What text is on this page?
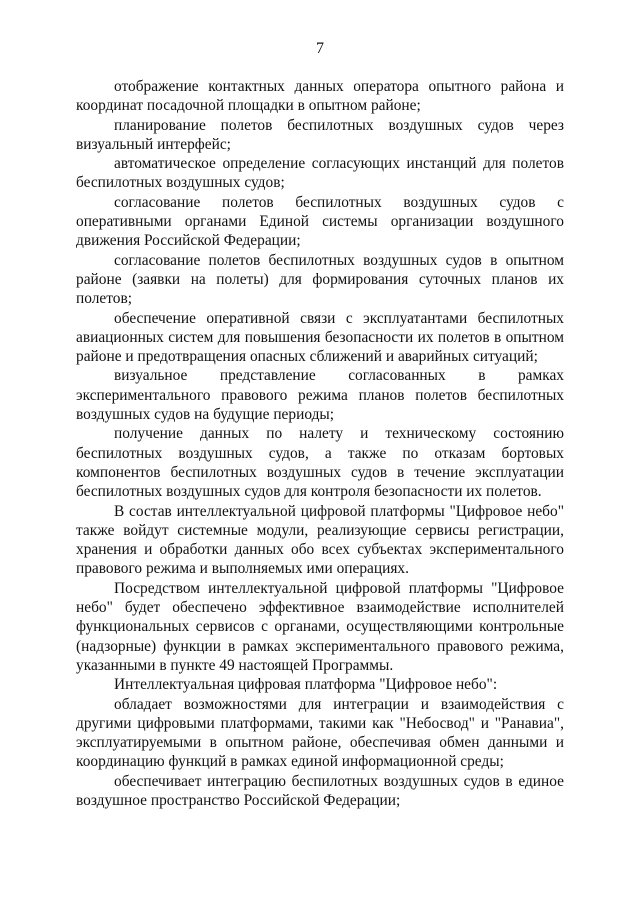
7

отображение контактных данных оператора опытного района и координат посадочной площадки в опытном районе;

планирование полетов беспилотных воздушных судов через визуальный интерфейс;

автоматическое определение согласующих инстанций для полетов беспилотных воздушных судов;

согласование полетов беспилотных воздушных судов с оперативными органами Единой системы организации воздушного движения Российской Федерации;

согласование полетов беспилотных воздушных судов в опытном районе (заявки на полеты) для формирования суточных планов их полетов;

обеспечение оперативной связи с эксплуатантами беспилотных авиационных систем для повышения безопасности их полетов в опытном районе и предотвращения опасных сближений и аварийных ситуаций;

визуальное представление согласованных в рамках экспериментального правового режима планов полетов беспилотных воздушных судов на будущие периоды;

получение данных по налету и техническому состоянию беспилотных воздушных судов, а также по отказам бортовых компонентов беспилотных воздушных судов в течение эксплуатации беспилотных воздушных судов для контроля безопасности их полетов.

В состав интеллектуальной цифровой платформы "Цифровое небо" также войдут системные модули, реализующие сервисы регистрации, хранения и обработки данных обо всех субъектах экспериментального правового режима и выполняемых ими операциях.

Посредством интеллектуальной цифровой платформы "Цифровое небо" будет обеспечено эффективное взаимодействие исполнителей функциональных сервисов с органами, осуществляющими контрольные (надзорные) функции в рамках экспериментального правового режима, указанными в пункте 49 настоящей Программы.

Интеллектуальная цифровая платформа "Цифровое небо":

обладает возможностями для интеграции и взаимодействия с другими цифровыми платформами, такими как "Небосвод" и "Ранавиа", эксплуатируемыми в опытном районе, обеспечивая обмен данными и координацию функций в рамках единой информационной среды;

обеспечивает интеграцию беспилотных воздушных судов в единое воздушное пространство Российской Федерации;
